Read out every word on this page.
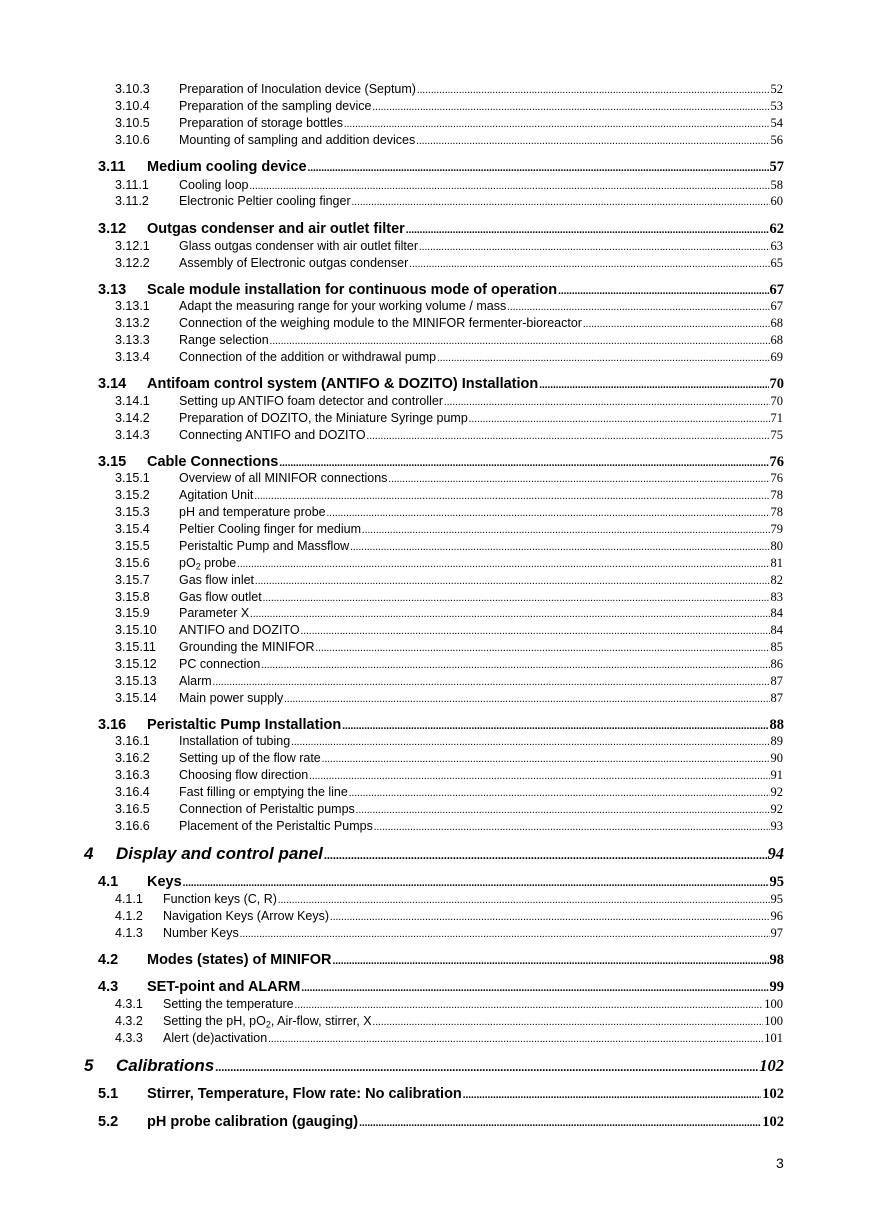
3.10.3 Preparation of Inoculation device (Septum) .....	52
3.10.4 Preparation of the sampling device .....	53
3.10.5 Preparation of storage bottles .....	54
3.10.6 Mounting of sampling and addition devices .....	56
3.11 Medium cooling device .....	57
3.11.1 Cooling loop .....	58
3.11.2 Electronic Peltier cooling finger .....	60
3.12 Outgas condenser and air outlet filter .....	62
3.12.1 Glass outgas condenser with air outlet filter .....	63
3.12.2 Assembly of Electronic outgas condenser .....	65
3.13 Scale module installation for continuous mode of operation .....	67
3.13.1 Adapt the measuring range for your working volume / mass .....	67
3.13.2 Connection of the weighing module to the MINIFOR fermenter-bioreactor .....	68
3.13.3 Range selection .....	68
3.13.4 Connection of the addition or withdrawal pump .....	69
3.14 Antifoam control system (ANTIFO & DOZITO) Installation .....	70
3.14.1 Setting up ANTIFO foam detector and controller .....	70
3.14.2 Preparation of DOZITO, the Miniature Syringe pump .....	71
3.14.3 Connecting ANTIFO and DOZITO .....	75
3.15 Cable Connections .....	76
3.15.1 Overview of all MINIFOR connections .....	76
3.15.2 Agitation Unit .....	78
3.15.3 pH and temperature probe .....	78
3.15.4 Peltier Cooling finger for medium .....	79
3.15.5 Peristaltic Pump and Massflow .....	80
3.15.6 $pO_2$ probe .....	81
3.15.7 Gas flow inlet .....	82
3.15.8 Gas flow outlet .....	83
3.15.9 Parameter X .....	84
3.15.10 ANTIFO and DOZITO .....	84
3.15.11 Grounding the MINIFOR .....	85
3.15.12 PC connection .....	86
3.15.13 Alarm .....	87
3.15.14 Main power supply .....	87
3.16 Peristaltic Pump Installation .....	88
3.16.1 Installation of tubing .....	89
3.16.2 Setting up of the flow rate .....	90
3.16.3 Choosing flow direction .....	91
3.16.4 Fast filling or emptying the line .....	92
3.16.5 Connection of Peristaltic pumps .....	92
3.16.6 Placement of the Peristaltic Pumps .....	93
4 Display and control panel .....	94
4.1 Keys .....	95
4.1.1 Function keys (C, R) .....	95
4.1.2 Navigation Keys (Arrow Keys) .....	96
4.1.3 Number Keys .....	97
4.2 Modes (states) of MINIFOR .....	98
4.3 SET-point and ALARM .....	99
4.3.1 Setting the temperature .....	100
4.3.2 Setting the pH, $pO_2$, Air-flow, stirrer, X .....	100
4.3.3 Alert (de)activation .....	101
5 Calibrations .....	102
5.1 Stirrer, Temperature, Flow rate: No calibration .....	102
5.2 pH probe calibration (gauging) .....	102
3
